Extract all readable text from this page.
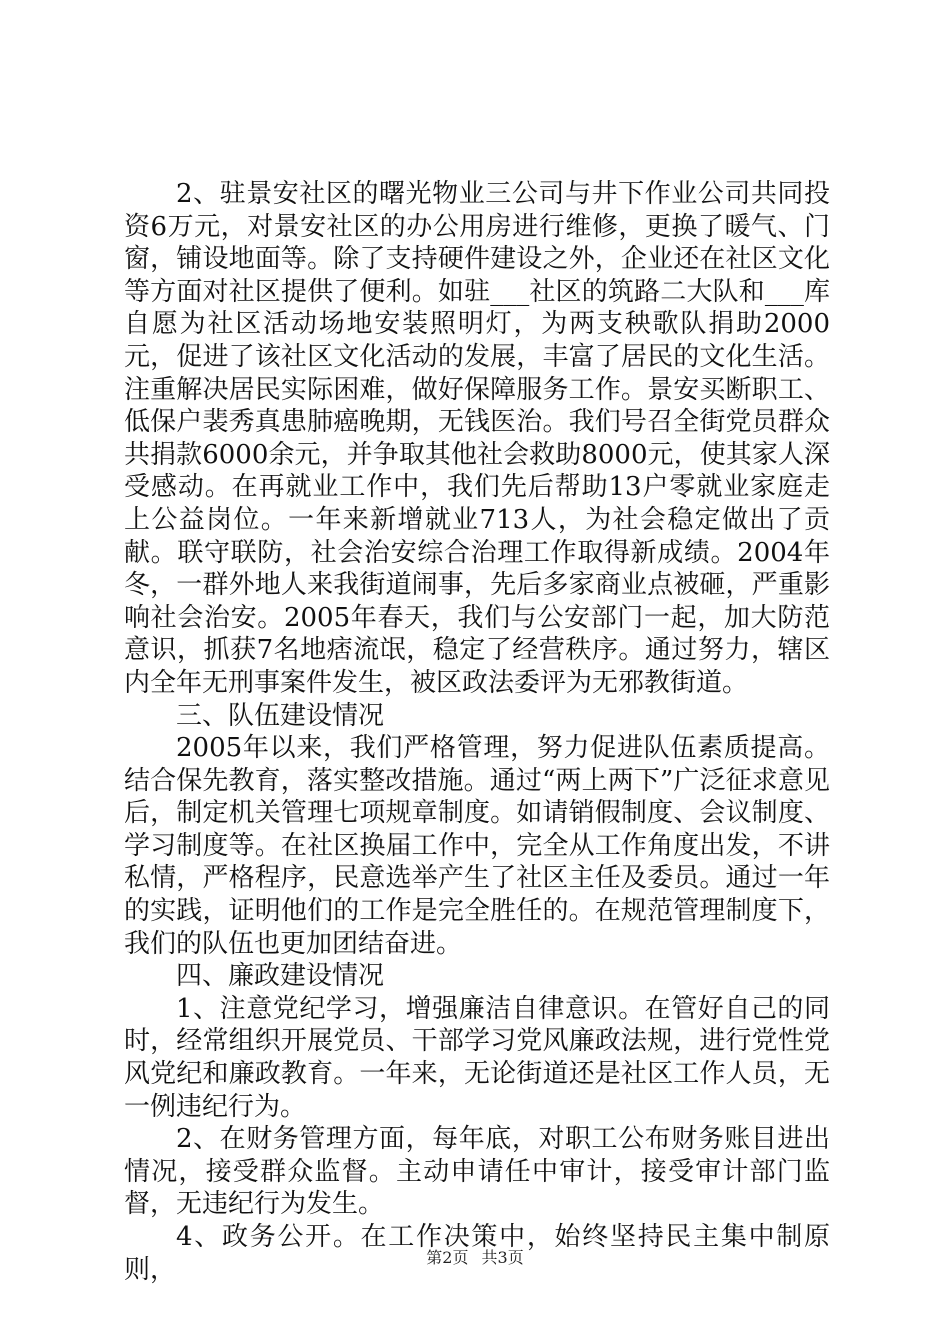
2、驻景安社区的曙光物业三公司与井下作业公司共同投资6万元，对景安社区的办公用房进行维修，更换了暖气、门窗，铺设地面等。除了支持硬件建设之外，企业还在社区文化等方面对社区提供了便利。如驻___社区的筑路二大队和___库自愿为社区活动场地安装照明灯，为两支秧歌队捐助2000元，促进了该社区文化活动的发展，丰富了居民的文化生活。注重解决居民实际困难，做好保障服务工作。景安买断职工、低保户裴秀真患肺癌晚期，无钱医治。我们号召全街党员群众共捐款6000余元，并争取其他社会救助8000元，使其家人深受感动。在再就业工作中，我们先后帮助13户零就业家庭走上公益岗位。一年来新增就业713人，为社会稳定做出了贡献。联守联防，社会治安综合治理工作取得新成绩。2004年冬，一群外地人来我街道闹事，先后多家商业点被砸，严重影响社会治安。2005年春天，我们与公安部门一起，加大防范意识，抓获7名地痞流氓，稳定了经营秩序。通过努力，辖区内全年无刑事案件发生，被区政法委评为无邪教街道。

三、队伍建设情况

2005年以来，我们严格管理，努力促进队伍素质提高。结合保先教育，落实整改措施。通过“两上两下”广泛征求意见后，制定机关管理七项规章制度。如请销假制度、会议制度、学习制度等。在社区换届工作中，完全从工作角度出发，不讲私情，严格程序，民意选举产生了社区主任及委员。通过一年的实践，证明他们的工作是完全胜任的。在规范管理制度下，我们的队伍也更加团结奋进。

四、廉政建设情况

1、注意党纪学习，增强廉洁自律意识。在管好自己的同时，经常组织开展党员、干部学习党风廉政法规，进行党性党风党纪和廉政教育。一年来，无论街道还是社区工作人员，无一例违纪行为。

2、在财务管理方面，每年底，对职工公布财务账目进出情况，接受群众监督。主动申请任中审计，接受审计部门监督，无违纪行为发生。

4、政务公开。在工作决策中，始终坚持民主集中制原则，	第2页 共3页
